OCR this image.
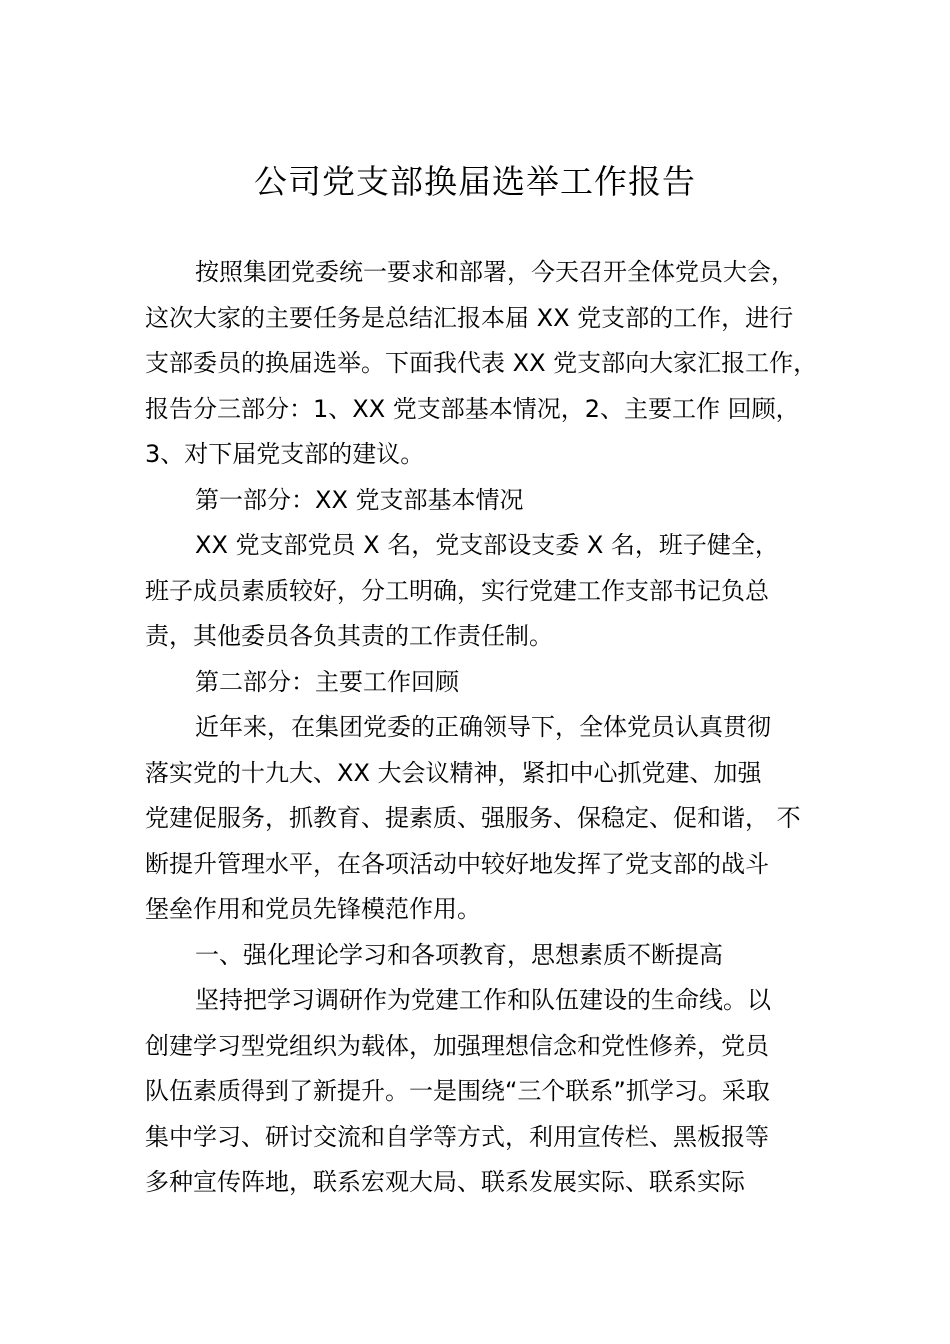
公司党支部换届选举工作报告
按照集团党委统一要求和部署，今天召开全体党员大会，
这次大家的主要任务是总结汇报本届 XX 党支部的工作，进行
支部委员的换届选举。下面我代表 XX 党支部向大家汇报工作，
报告分三部分：1、XX 党支部基本情况，2、主要工作 回顾，
3、对下届党支部的建议。
第一部分：XX 党支部基本情况
XX 党支部党员 X 名，党支部设支委 X 名，班子健全，
班子成员素质较好，分工明确，实行党建工作支部书记负总
责，其他委员各负其责的工作责任制。
第二部分：主要工作回顾
近年来，在集团党委的正确领导下，全体党员认真贯彻
落实党的十九大、XX 大会议精神，紧扣中心抓党建、加强
党建促服务，抓教育、提素质、强服务、保稳定、促和谐， 不
断提升管理水平，在各项活动中较好地发挥了党支部的战斗
堡垒作用和党员先锋模范作用。
一、强化理论学习和各项教育，思想素质不断提高
坚持把学习调研作为党建工作和队伍建设的生命线。以
创建学习型党组织为载体，加强理想信念和党性修养，党员
队伍素质得到了新提升。一是围绕“三个联系”抓学习。采取
集中学习、研讨交流和自学等方式，利用宣传栏、黑板报等
多种宣传阵地，联系宏观大局、联系发展实际、联系实际
